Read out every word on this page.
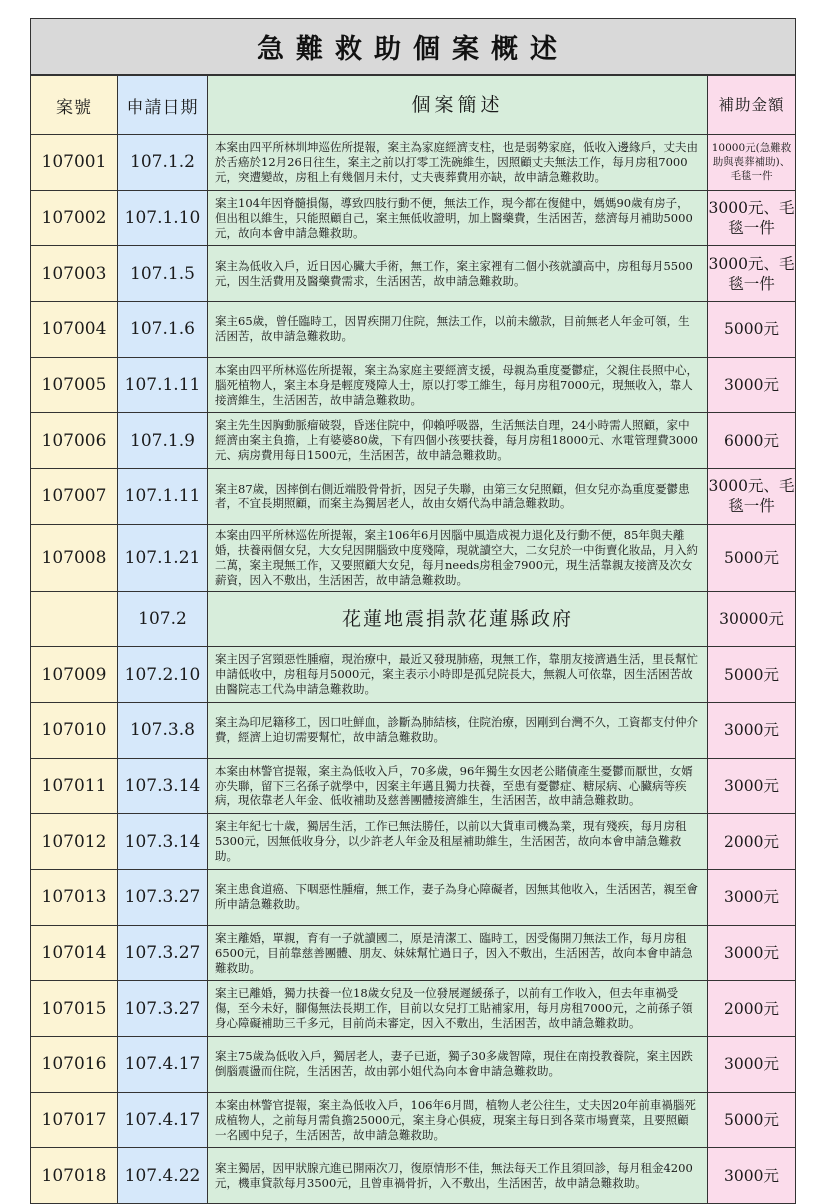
急難救助個案概述
案號	申請日期	個案簡述	補助金額
107001	107.1.2	本案由四平所林圳坤巡佐所提報，案主為家庭經濟支柱，也是弱勢家庭，低收入邊緣戶，丈夫由於舌癌於12月26日往生，案主之前以打零工洗碗維生，因照顧丈夫無法工作，每月房租7000元，突遭變故，房租上有幾個月未付，丈夫喪葬費用亦缺，故申請急難救助。	10000元(急難救助與喪葬補助)、毛毯一件
107002	107.1.10	案主104年因脊髓損傷，導致四肢行動不便，無法工作，現今都在復健中，媽媽90歲有房子，但出租以維生，只能照顧自己，案主無低收證明，加上醫藥費，生活困苦，慈濟每月補助5000元，故向本會申請急難救助。	3000元、毛毯一件
107003	107.1.5	案主為低收入戶，近日因心臟大手術，無工作，案主家裡有二個小孩就讀高中，房租每月5500元，因生活費用及醫藥費需求，生活困苦，故申請急難救助。	3000元、毛毯一件
107004	107.1.6	案主65歲，曾任臨時工，因胃疾開刀住院，無法工作，以前未繳款，目前無老人年金可領，生活困苦，故申請急難救助。	5000元
107005	107.1.11	本案由四平所林巡佐所提報，案主為家庭主要經濟支援，母親為重度憂鬱症，父親住長照中心，腦死植物人，案主本身是輕度殘障人士，原以打零工維生，每月房租7000元，現無收入，靠人接濟維生，生活困苦，故申請急難救助。	3000元
107006	107.1.9	案主先生因胸動脈瘤破裂，昏迷住院中，仰賴呼吸器，生活無法自理，24小時需人照顧，家中經濟由案主負擔，上有婆婆80歲，下有四個小孩要扶養，每月房租18000元、水電管理費3000元、病房費用每日1500元，生活困苦，故申請急難救助。	6000元
107007	107.1.11	案主87歲，因摔倒右側近端股骨骨折，因兒子失聯，由第三女兒照顧，但女兒亦為重度憂鬱患者，不宜長期照顧，而案主為獨居老人，故由女婿代為申請急難救助。	3000元、毛毯一件
107008	107.1.21	本案由四平所林巡佐所提報，案主106年6月因腦中風造成視力退化及行動不便，85年與夫離婚，扶養兩個女兒，大女兒因開腦致中度殘障，現就讀空大，二女兒於一中街賣化妝品，月入約二萬，案主現無工作，又要照顧大女兒，每月needs房租金7900元，現生活靠親友接濟及次女薪資，因入不敷出，生活困苦，故申請急難救助。	5000元
	107.2	花蓮地震捐款花蓮縣政府	30000元
107009	107.2.10	案主因子宮頸惡性腫瘤，現治療中，最近又發現肺癌，現無工作，靠朋友接濟過生活，里長幫忙申請低收中，房租每月5000元，案主表示小時即是孤兒院長大，無親人可依靠，因生活困苦故由醫院志工代為申請急難救助。	5000元
107010	107.3.8	案主為印尼籍移工，因口吐鮮血，診斷為肺結核，住院治療，因剛到台灣不久，工資都支付仲介費，經濟上迫切需要幫忙，故申請急難救助。	3000元
107011	107.3.14	本案由林警官提報，案主為低收入戶，70多歲，96年獨生女因老公賭債產生憂鬱而厭世，女婿亦失聯，留下三名孫子就學中，因案主年邁且獨力扶養，至患有憂鬱症、糖尿病、心臟病等疾病，現依靠老人年金、低收補助及慈善團體接濟維生，生活困苦，故申請急難救助。	3000元
107012	107.3.14	案主年紀七十歲，獨居生活，工作已無法勝任，以前以大貨車司機為業，現有殘疾，每月房租5300元，因無低收身分，以少許老人年金及租屋補助維生，生活困苦，故向本會申請急難救助。	2000元
107013	107.3.27	案主患食道癌、下咽惡性腫瘤，無工作，妻子為身心障礙者，因無其他收入，生活困苦，親至會所申請急難救助。	3000元
107014	107.3.27	案主離婚，單親，育有一子就讀國二，原是清潔工、臨時工，因受傷開刀無法工作，每月房租6500元，目前靠慈善團體、朋友、妹妹幫忙過日子，因入不敷出，生活困苦，故向本會申請急難救助。	3000元
107015	107.3.27	案主已離婚，獨力扶養一位18歲女兒及一位發展遲緩孫子，以前有工作收入，但去年車禍受傷，至今未好，腳傷無法長期工作，目前以女兒打工貼補家用，每月房租7000元，之前孫子領身心障礙補助三千多元，目前尚未審定，因入不敷出，生活困苦，故申請急難救助。	2000元
107016	107.4.17	案主75歲為低收入戶，獨居老人，妻子已逝，獨子30多歲智障，現住在南投教養院，案主因跌倒腦震盪而住院，生活困苦，故由郭小姐代為向本會申請急難救助。	3000元
107017	107.4.17	本案由林警官提報，案主為低收入戶，106年6月間，植物人老公往生，丈夫因20年前車禍腦死成植物人，之前每月需負擔25000元，案主身心俱疲，現案主每日到各菜市場賣菜，且要照顧一名國中兒子，生活困苦，故申請急難救助。	5000元
107018	107.4.22	案主獨居，因甲狀腺亢進已開兩次刀，復原情形不佳，無法每天工作且須回診，每月租金4200元，機車貸款每月3500元，且曾車禍骨折，入不敷出，生活困苦，故申請急難救助。	3000元
